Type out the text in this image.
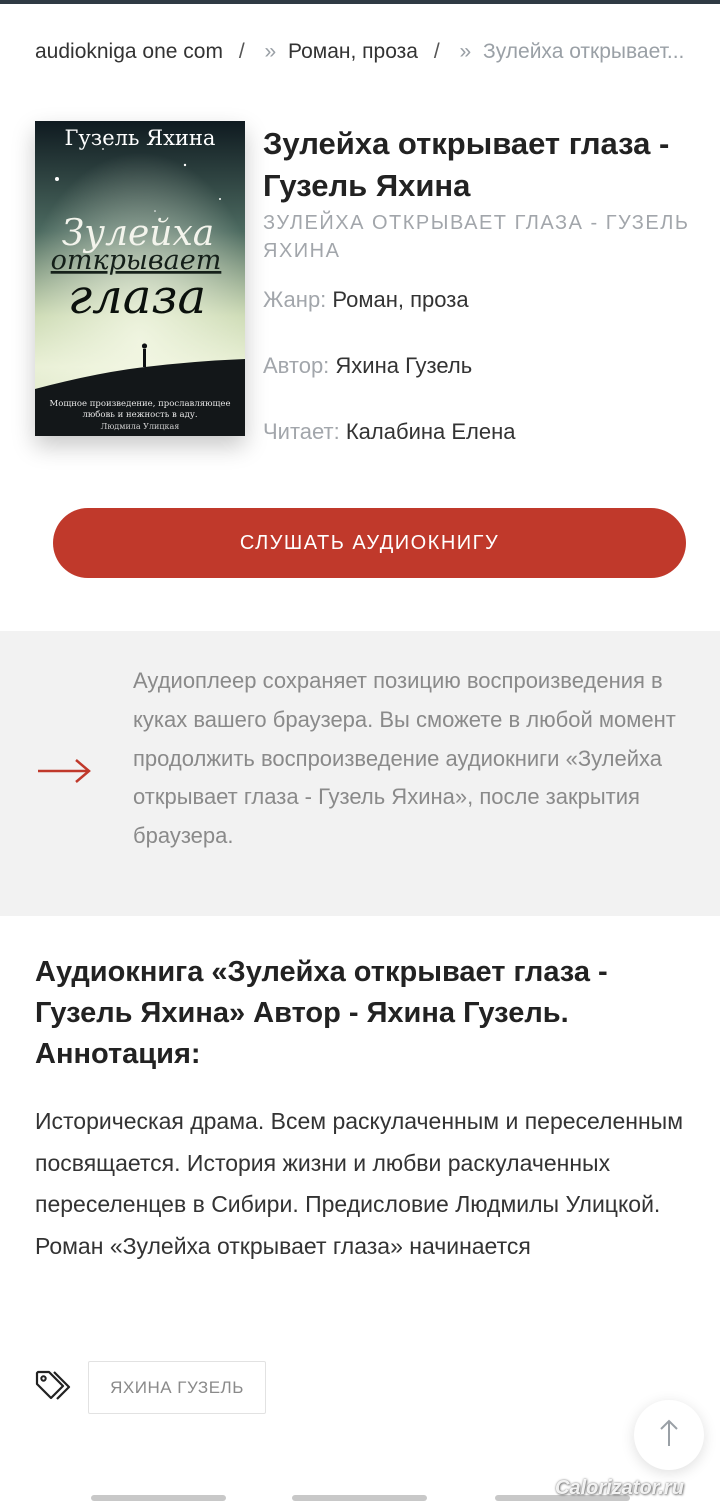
audiokniga one com / » Роман, проза / » Зулейха открывает...
Гузель Яхина
Зулейха
открывает
глаза
Мощное произведение, прославляющее
любовь и нежность в аду.
Людмила Улицкая
Зулейха открывает глаза - Гузель Яхина
ЗУЛЕЙХА ОТКРЫВАЕТ ГЛАЗА - ГУЗЕЛЬ ЯХИНА
Жанр: Роман, проза
Автор: Яхина Гузель
Читает: Калабина Елена
СЛУШАТЬ АУДИОКНИГУ

Аудиоплеер сохраняет позицию воспроизведения в куках вашего браузера. Вы сможете в любой момент продолжить воспроизведение аудиокниги «Зулейха открывает глаза - Гузель Яхина», после закрытия браузера.

Аудиокнига «Зулейха открывает глаза - Гузель Яхина» Автор - Яхина Гузель. Аннотация:

Историческая драма. Всем раскулаченным и переселенным посвящается. История жизни и любви раскулаченных переселенцев в Сибири. Предисловие Людмилы Улицкой. Роман «Зулейха открывает глаза» начинается

ЯХИНА ГУЗЕЛЬ
Calorizator.ru
